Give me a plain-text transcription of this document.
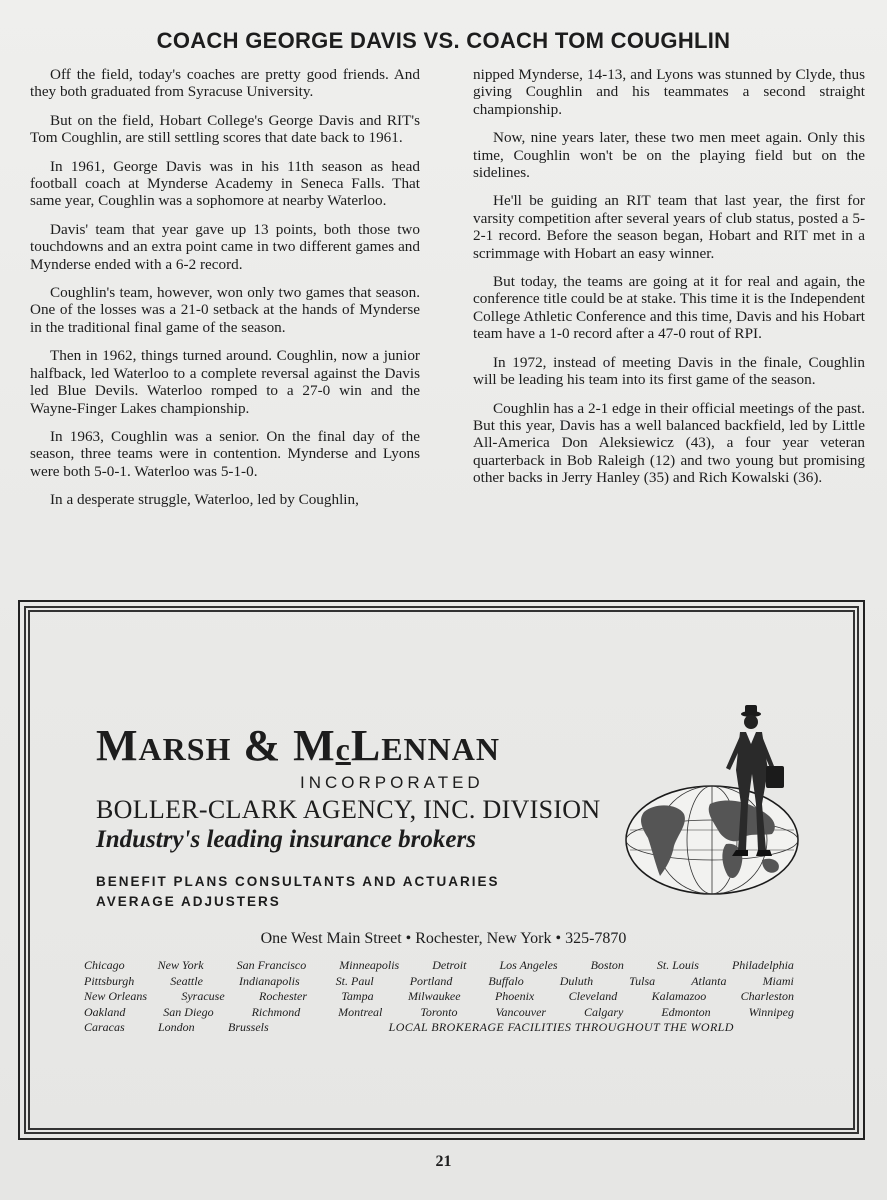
COACH GEORGE DAVIS VS. COACH TOM COUGHLIN

Off the field, today's coaches are pretty good friends. And they both graduated from Syracuse University.

But on the field, Hobart College's George Davis and RIT's Tom Coughlin, are still settling scores that date back to 1961.

In 1961, George Davis was in his 11th season as head football coach at Mynderse Academy in Seneca Falls. That same year, Coughlin was a sophomore at nearby Waterloo.

Davis' team that year gave up 13 points, both those two touchdowns and an extra point came in two different games and Mynderse ended with a 6-2 record.

Coughlin's team, however, won only two games that season. One of the losses was a 21-0 setback at the hands of Mynderse in the traditional final game of the season.

Then in 1962, things turned around. Coughlin, now a junior halfback, led Waterloo to a complete reversal against the Davis led Blue Devils. Waterloo romped to a 27-0 win and the Wayne-Finger Lakes championship.

In 1963, Coughlin was a senior. On the final day of the season, three teams were in contention. Mynderse and Lyons were both 5-0-1. Waterloo was 5-1-0.

In a desperate struggle, Waterloo, led by Coughlin,

nipped Mynderse, 14-13, and Lyons was stunned by Clyde, thus giving Coughlin and his teammates a second straight championship.

Now, nine years later, these two men meet again. Only this time, Coughlin won't be on the playing field but on the sidelines.

He'll be guiding an RIT team that last year, the first for varsity competition after several years of club status, posted a 5-2-1 record. Before the season began, Hobart and RIT met in a scrimmage with Hobart an easy winner.

But today, the teams are going at it for real and again, the conference title could be at stake. This time it is the Independent College Athletic Conference and this time, Davis and his Hobart team have a 1-0 record after a 47-0 rout of RPI.

In 1972, instead of meeting Davis in the finale, Coughlin will be leading his team into its first game of the season.

Coughlin has a 2-1 edge in their official meetings of the past. But this year, Davis has a well balanced backfield, led by Little All-America Don Aleksiewicz (43), a four year veteran quarterback in Bob Raleigh (12) and two young but promising other backs in Jerry Hanley (35) and Rich Kowalski (36).

MARSH & McLENNAN
INCORPORATED
BOLLER-CLARK AGENCY, INC. DIVISION
Industry's leading insurance brokers
BENEFIT PLANS CONSULTANTS AND ACTUARIES
AVERAGE ADJUSTERS
One West Main Street • Rochester, New York • 325-7870
Chicago	New York	San Francisco	Minneapolis	Detroit	Los Angeles	Boston	St. Louis	Philadelphia
Pittsburgh	Seattle	Indianapolis	St. Paul	Portland	Buffalo	Duluth	Tulsa	Atlanta	Miami
New Orleans	Syracuse	Rochester	Tampa	Milwaukee	Phoenix	Cleveland	Kalamazoo	Charleston
Oakland	San Diego	Richmond	Montreal	Toronto	Vancouver	Calgary	Edmonton	Winnipeg
Caracas	London	Brussels	LOCAL BROKERAGE FACILITIES THROUGHOUT THE WORLD
21
